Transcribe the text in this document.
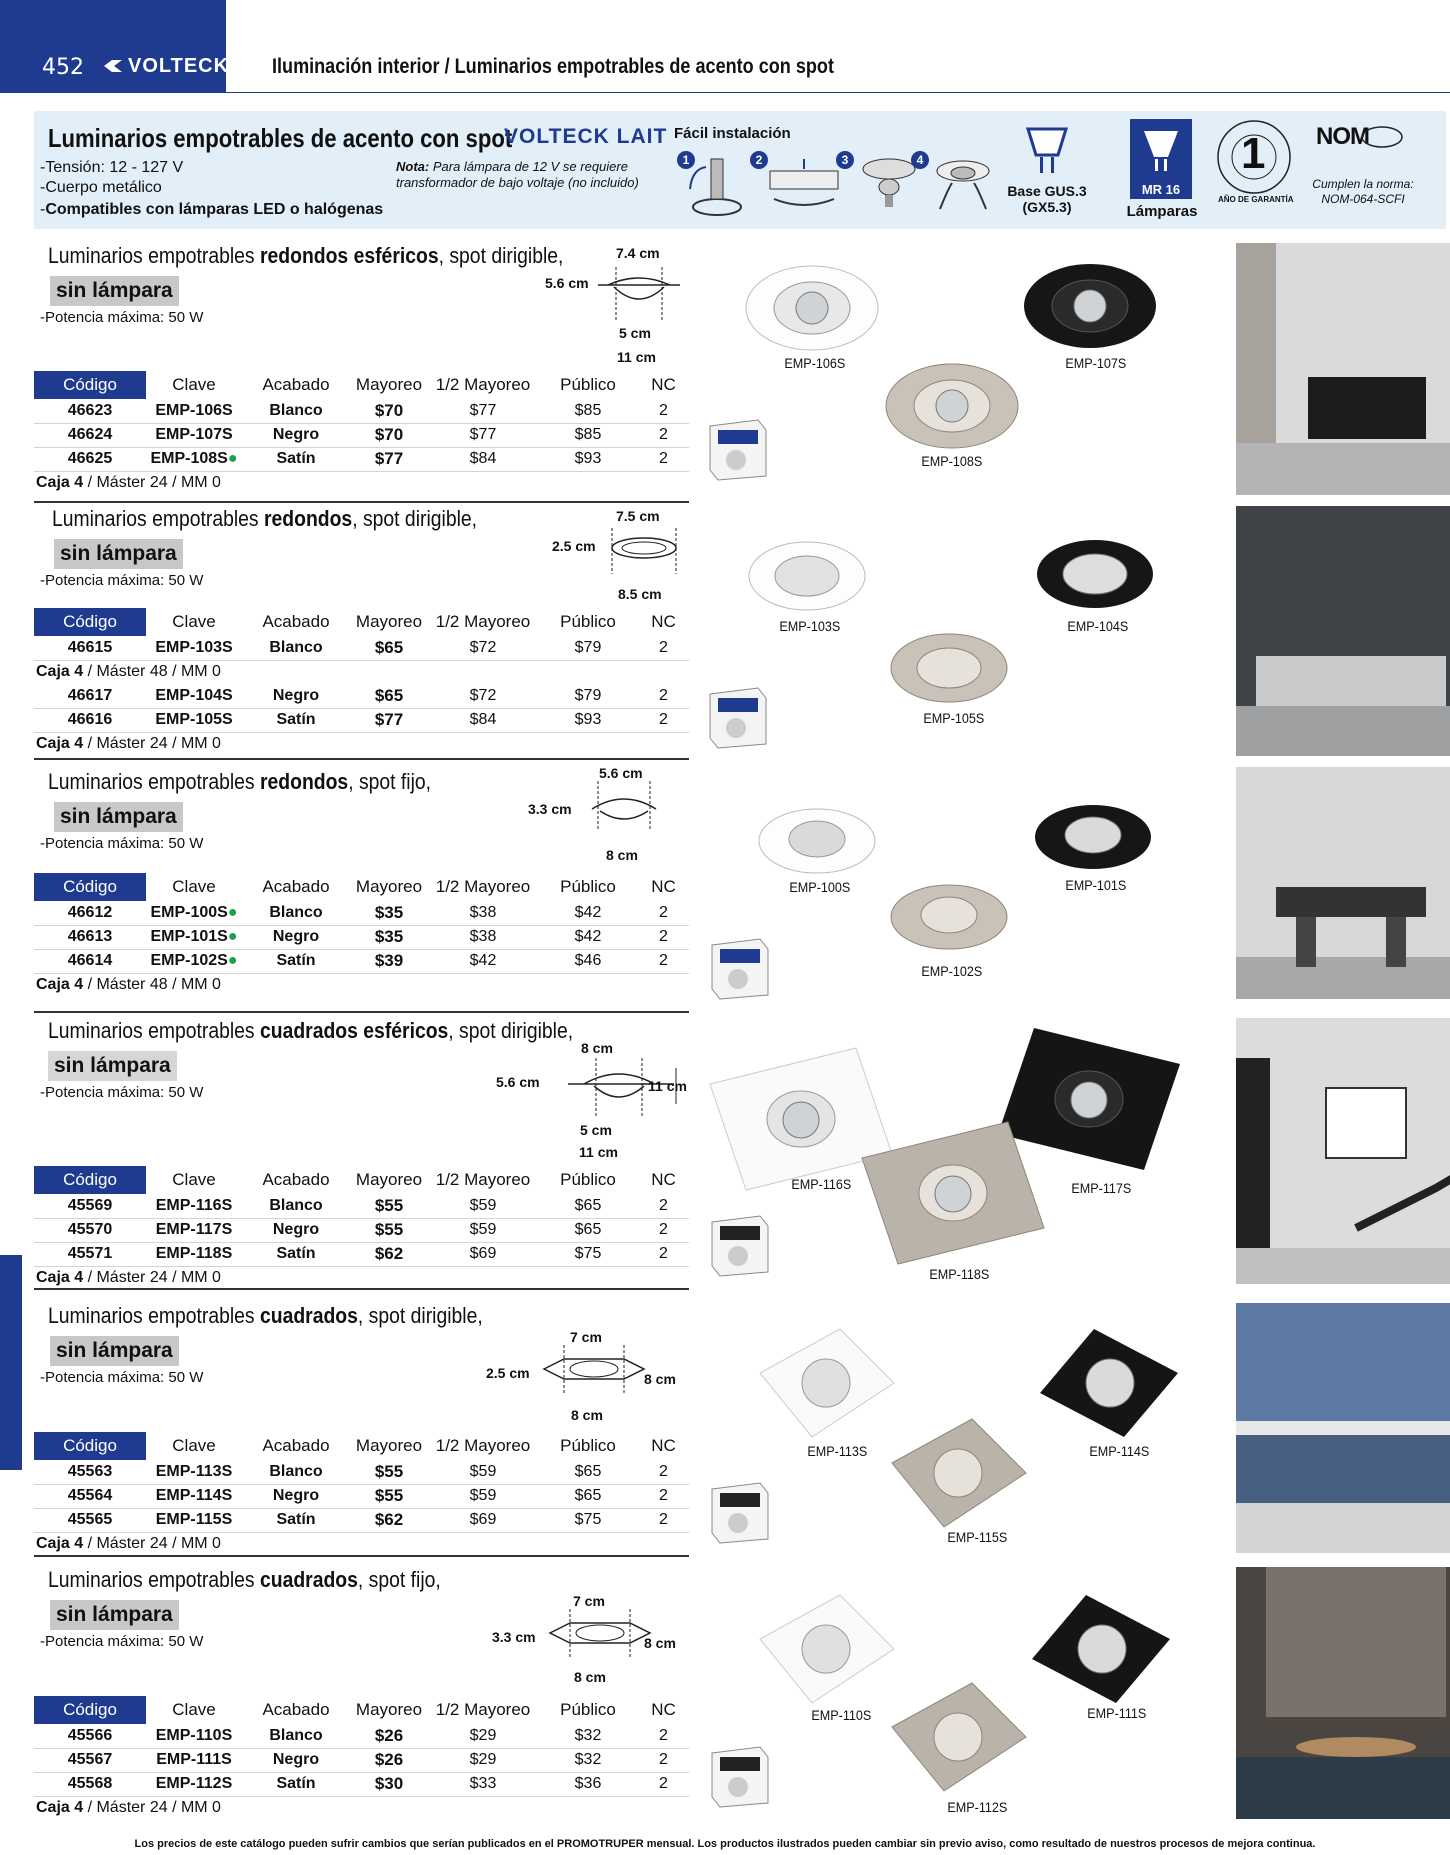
452 VOLTECK Iluminación interior / Luminarios empotrables de acento con spot
Luminarios empotrables de acento con spot
VOLTECK LAIT
-Tensión: 12 - 127 V
-Cuerpo metálico
-Compatibles con lámparas LED o halógenas
Nota: Para lámpara de 12 V se requiere transformador de bajo voltaje (no incluido)
Fácil instalación
1	2	3	4
Base GUS.3 (GX5.3)
MR 16
Lámparas
1
AÑO DE GARANTÍA
NOM
Cumplen la norma: NOM-064-SCFI
Luminarios empotrables redondos esféricos, spot dirigible,
sin lámpara
-Potencia máxima: 50 W
7.4 cm
5.6 cm
5 cm
11 cm
Código	Clave	Acabado	Mayoreo	1/2 Mayoreo	Público	NC
46623	EMP-106S	Blanco	$70	$77	$85	2
46624	EMP-107S	Negro	$70	$77	$85	2
46625	EMP-108S●	Satín	$77	$84	$93	2
Caja 4 / Máster 24 / MM 0						
EMP-106S	EMP-107S
EMP-108S
Luminarios empotrables redondos, spot dirigible,
sin lámpara
-Potencia máxima: 50 W
7.5 cm
2.5 cm
8.5 cm
Código	Clave	Acabado	Mayoreo	1/2 Mayoreo	Público	NC
46615	EMP-103S	Blanco	$65	$72	$79	2
Caja 4 / Máster 48 / MM 0						
46617	EMP-104S	Negro	$65	$72	$79	2
46616	EMP-105S	Satín	$77	$84	$93	2
Caja 4 / Máster 24 / MM 0						
EMP-103S	EMP-104S
EMP-105S
Luminarios empotrables redondos, spot fijo,
sin lámpara
-Potencia máxima: 50 W
5.6 cm
3.3 cm
8 cm
Código	Clave	Acabado	Mayoreo	1/2 Mayoreo	Público	NC
46612	EMP-100S●	Blanco	$35	$38	$42	2
46613	EMP-101S●	Negro	$35	$38	$42	2
46614	EMP-102S●	Satín	$39	$42	$46	2
Caja 4 / Máster 48 / MM 0						
EMP-100S	EMP-101S
EMP-102S
Luminarios empotrables cuadrados esféricos, spot dirigible,
sin lámpara
-Potencia máxima: 50 W
8 cm
5.6 cm	11 cm
5 cm
11 cm
Código	Clave	Acabado	Mayoreo	1/2 Mayoreo	Público	NC
45569	EMP-116S	Blanco	$55	$59	$65	2
45570	EMP-117S	Negro	$55	$59	$65	2
45571	EMP-118S	Satín	$62	$69	$75	2
Caja 4 / Máster 24 / MM 0						
EMP-116S	EMP-117S
EMP-118S
Luminarios empotrables cuadrados, spot dirigible,
sin lámpara
-Potencia máxima: 50 W
7 cm
2.5 cm	8 cm
8 cm
Código	Clave	Acabado	Mayoreo	1/2 Mayoreo	Público	NC
45563	EMP-113S	Blanco	$55	$59	$65	2
45564	EMP-114S	Negro	$55	$59	$65	2
45565	EMP-115S	Satín	$62	$69	$75	2
Caja 4 / Máster 24 / MM 0						
EMP-113S	EMP-114S
EMP-115S
Luminarios empotrables cuadrados, spot fijo,
sin lámpara
-Potencia máxima: 50 W
7 cm
3.3 cm	8 cm
8 cm
Código	Clave	Acabado	Mayoreo	1/2 Mayoreo	Público	NC
45566	EMP-110S	Blanco	$26	$29	$32	2
45567	EMP-111S	Negro	$26	$29	$32	2
45568	EMP-112S	Satín	$30	$33	$36	2
Caja 4 / Máster 24 / MM 0						
EMP-110S	EMP-111S
EMP-112S
Los precios de este catálogo pueden sufrir cambios que serían publicados en el PROMOTRUPER mensual. Los productos ilustrados pueden cambiar sin previo aviso, como resultado de nuestros procesos de mejora continua.
